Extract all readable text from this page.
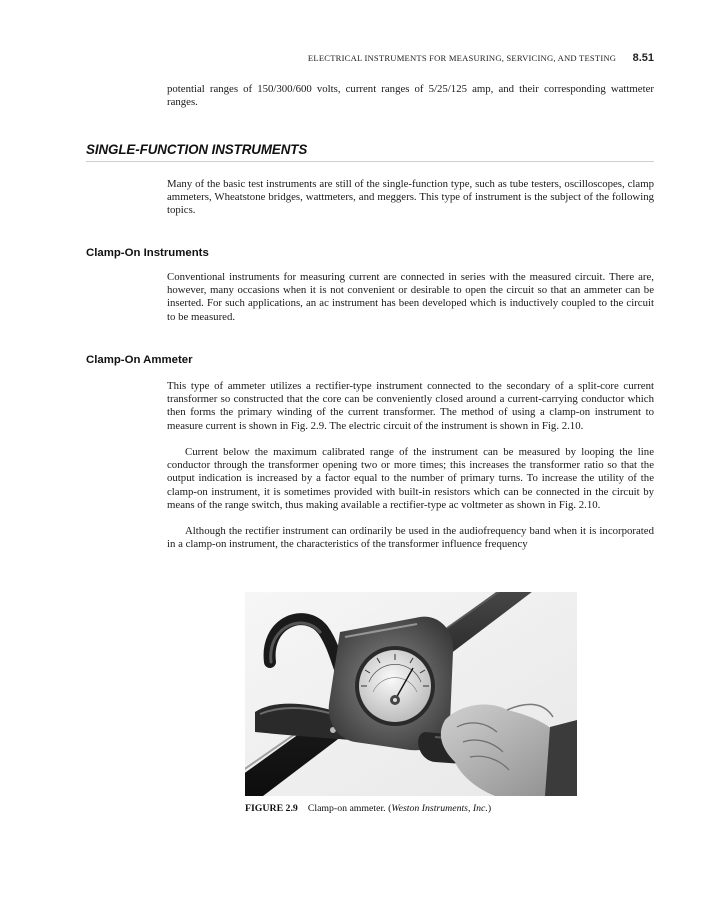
ELECTRICAL INSTRUMENTS FOR MEASURING, SERVICING, AND TESTING 8.51

potential ranges of 150/300/600 volts, current ranges of 5/25/125 amp, and their corresponding wattmeter ranges.

SINGLE-FUNCTION INSTRUMENTS

Many of the basic test instruments are still of the single-function type, such as tube testers, oscilloscopes, clamp ammeters, Wheatstone bridges, wattmeters, and meggers. This type of instrument is the subject of the following topics.

Clamp-On Instruments

Conventional instruments for measuring current are connected in series with the measured circuit. There are, however, many occasions when it is not convenient or desirable to open the circuit so that an ammeter can be inserted. For such applications, an ac instrument has been developed which is inductively coupled to the circuit to be measured.

Clamp-On Ammeter

This type of ammeter utilizes a rectifier-type instrument connected to the secondary of a split-core current transformer so constructed that the core can be conveniently closed around a current-carrying conductor which then forms the primary winding of the current transformer. The method of using a clamp-on instrument to measure current is shown in Fig. 2.9. The electric circuit of the instrument is shown in Fig. 2.10.

Current below the maximum calibrated range of the instrument can be measured by looping the line conductor through the transformer opening two or more times; this increases the transformer ratio so that the output indication is increased by a factor equal to the number of primary turns. To increase the utility of the clamp-on instrument, it is sometimes provided with built-in resistors which can be connected in the circuit by means of the range switch, thus making available a rectifier-type ac voltmeter as shown in Fig. 2.10.

Although the rectifier instrument can ordinarily be used in the audiofrequency band when it is incorporated in a clamp-on instrument, the characteristics of the transformer influence frequency

FIGURE 2.9 Clamp-on ammeter. (Weston Instruments, Inc.)
